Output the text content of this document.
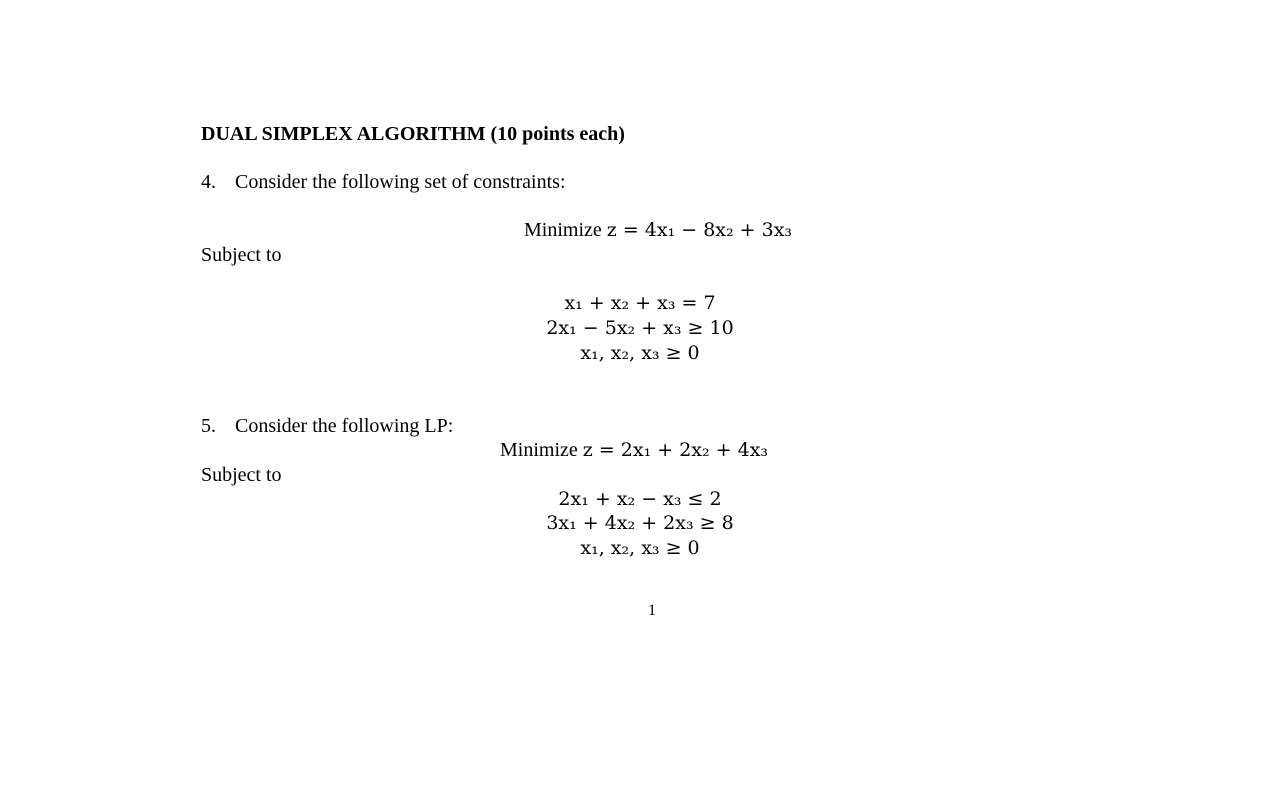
DUAL SIMPLEX ALGORITHM (10 points each)
4. Consider the following set of constraints:
Minimize z = 4x₁ − 8x₂ + 3x₃
Subject to
x₁ + x₂ + x₃ = 7
2x₁ − 5x₂ + x₃ ≥ 10
x₁, x₂, x₃ ≥ 0
5. Consider the following LP:
Minimize z = 2x₁ + 2x₂ + 4x₃
Subject to
2x₁ + x₂ − x₃ ≤ 2
3x₁ + 4x₂ + 2x₃ ≥ 8
x₁, x₂, x₃ ≥ 0
1
